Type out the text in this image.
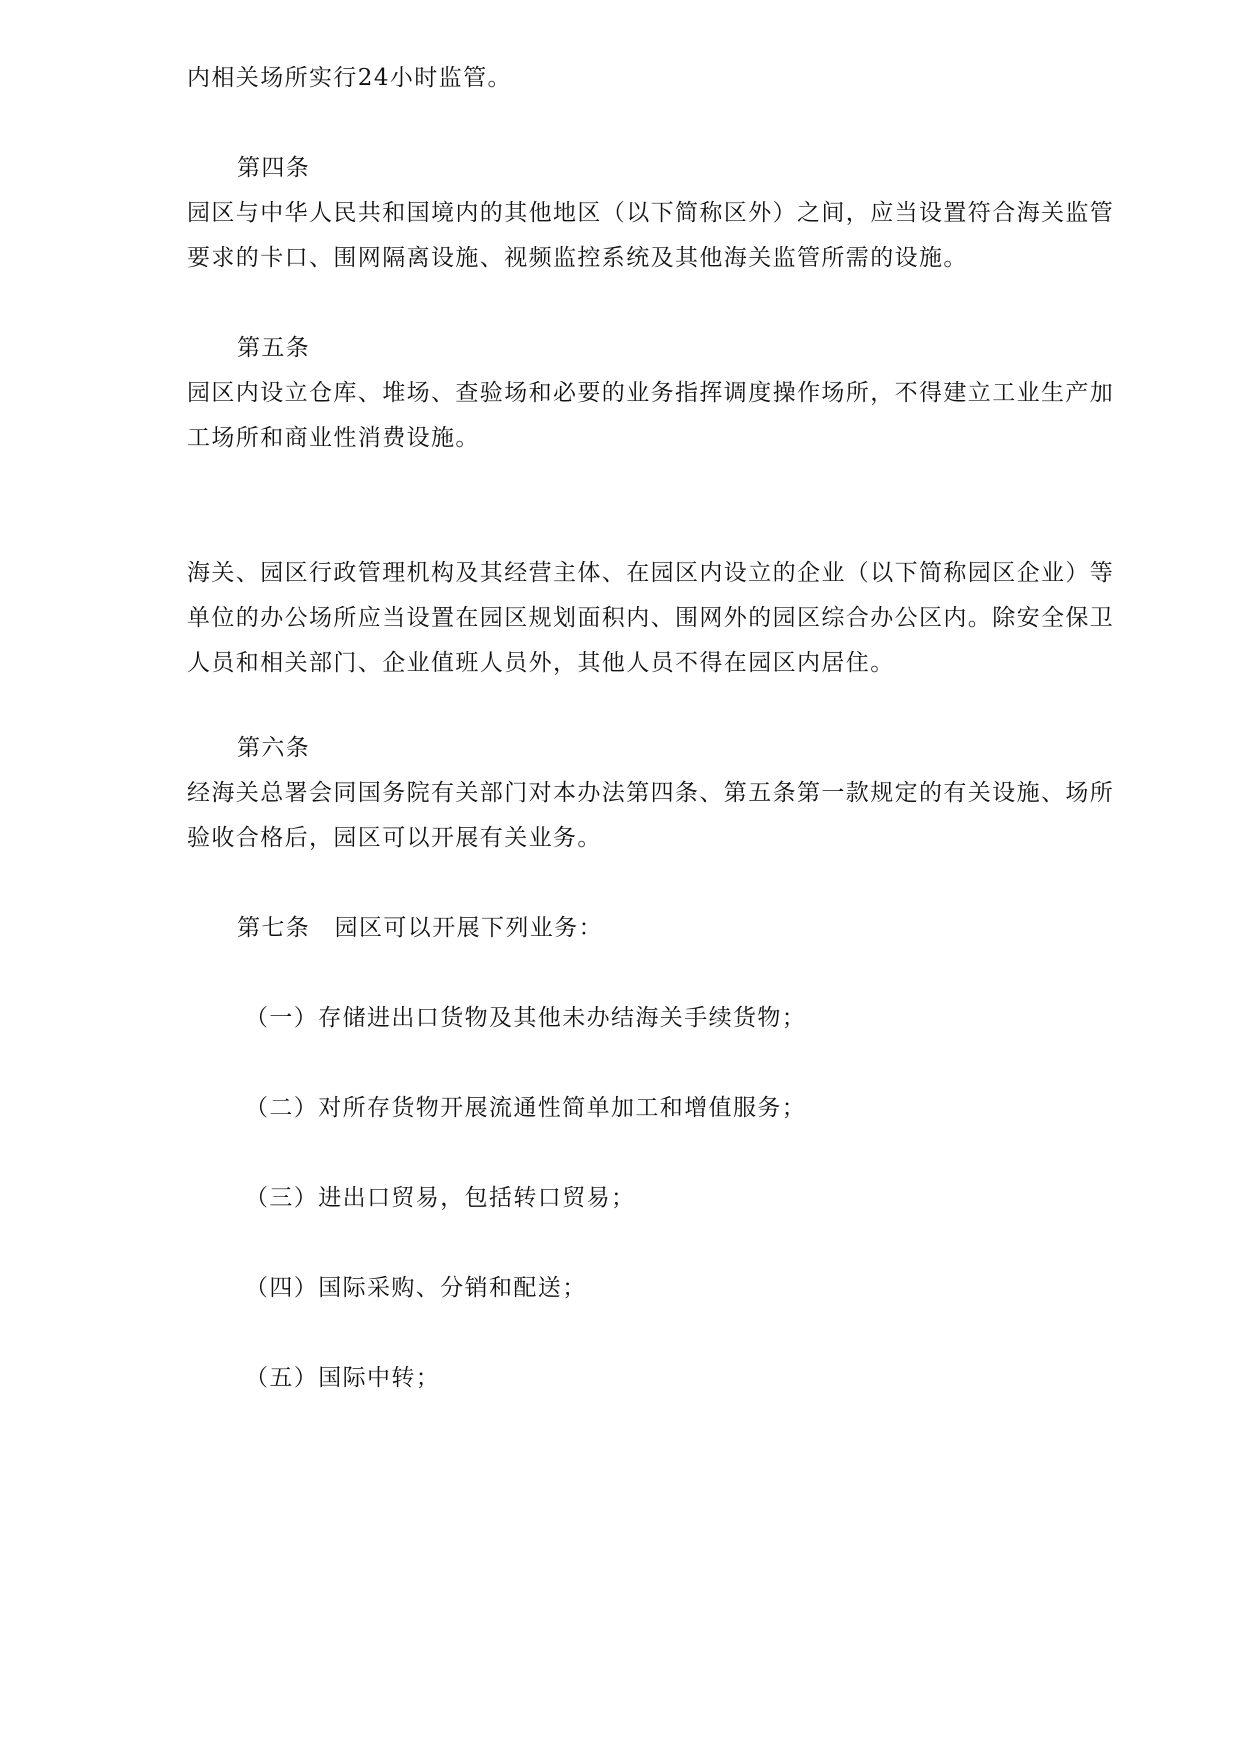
内相关场所实行24小时监管。
第四条
园区与中华人民共和国境内的其他地区（以下简称区外）之间，应当设置符合海关监管
要求的卡口、围网隔离设施、视频监控系统及其他海关监管所需的设施。
第五条
园区内设立仓库、堆场、查验场和必要的业务指挥调度操作场所，不得建立工业生产加
工场所和商业性消费设施。
海关、园区行政管理机构及其经营主体、在园区内设立的企业（以下简称园区企业）等
单位的办公场所应当设置在园区规划面积内、围网外的园区综合办公区内。除安全保卫
人员和相关部门、企业值班人员外，其他人员不得在园区内居住。
第六条
经海关总署会同国务院有关部门对本办法第四条、第五条第一款规定的有关设施、场所
验收合格后，园区可以开展有关业务。
第七条　园区可以开展下列业务：
（一）存储进出口货物及其他未办结海关手续货物；
（二）对所存货物开展流通性简单加工和增值服务；
（三）进出口贸易，包括转口贸易；
（四）国际采购、分销和配送；
（五）国际中转；
